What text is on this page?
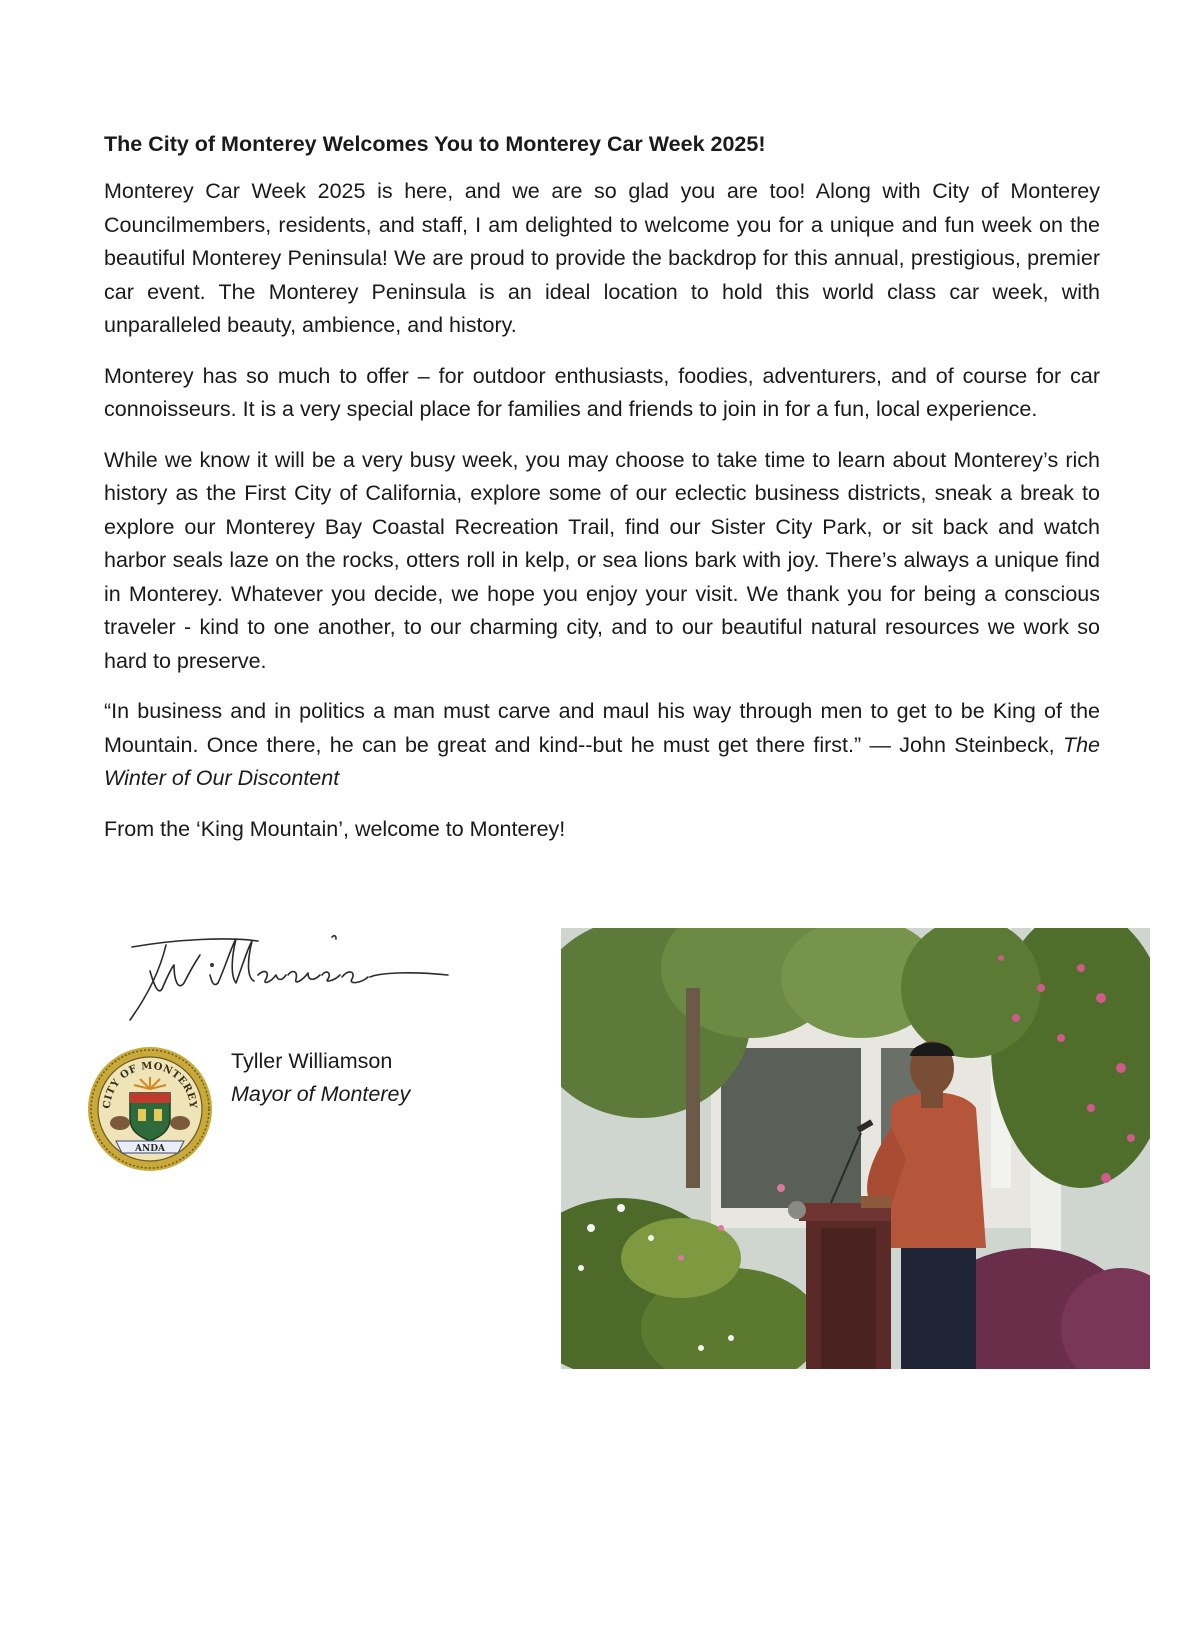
The City of Monterey Welcomes You to Monterey Car Week 2025!

Monterey Car Week 2025 is here, and we are so glad you are too! Along with City of Monterey Councilmembers, residents, and staff, I am delighted to welcome you for a unique and fun week on the beautiful Monterey Peninsula! We are proud to provide the backdrop for this annual, prestigious, premier car event. The Monterey Peninsula is an ideal location to hold this world class car week, with unparalleled beauty, ambience, and history.

Monterey has so much to offer – for outdoor enthusiasts, foodies, adventurers, and of course for car connoisseurs. It is a very special place for families and friends to join in for a fun, local experience.

While we know it will be a very busy week, you may choose to take time to learn about Monterey’s rich history as the First City of California, explore some of our eclectic business districts, sneak a break to explore our Monterey Bay Coastal Recreation Trail, find our Sister City Park, or sit back and watch harbor seals laze on the rocks, otters roll in kelp, or sea lions bark with joy. There’s always a unique find in Monterey. Whatever you decide, we hope you enjoy your visit. We thank you for being a conscious traveler - kind to one another, to our charming city, and to our beautiful natural resources we work so hard to preserve.

“In business and in politics a man must carve and maul his way through men to get to be King of the Mountain. Once there, he can be great and kind--but he must get there first.” — John Steinbeck, The Winter of Our Discontent

From the ‘King Mountain’, welcome to Monterey!

CITY OF MONTEREY
ANDA
Tyller Williamson
Mayor of Monterey
